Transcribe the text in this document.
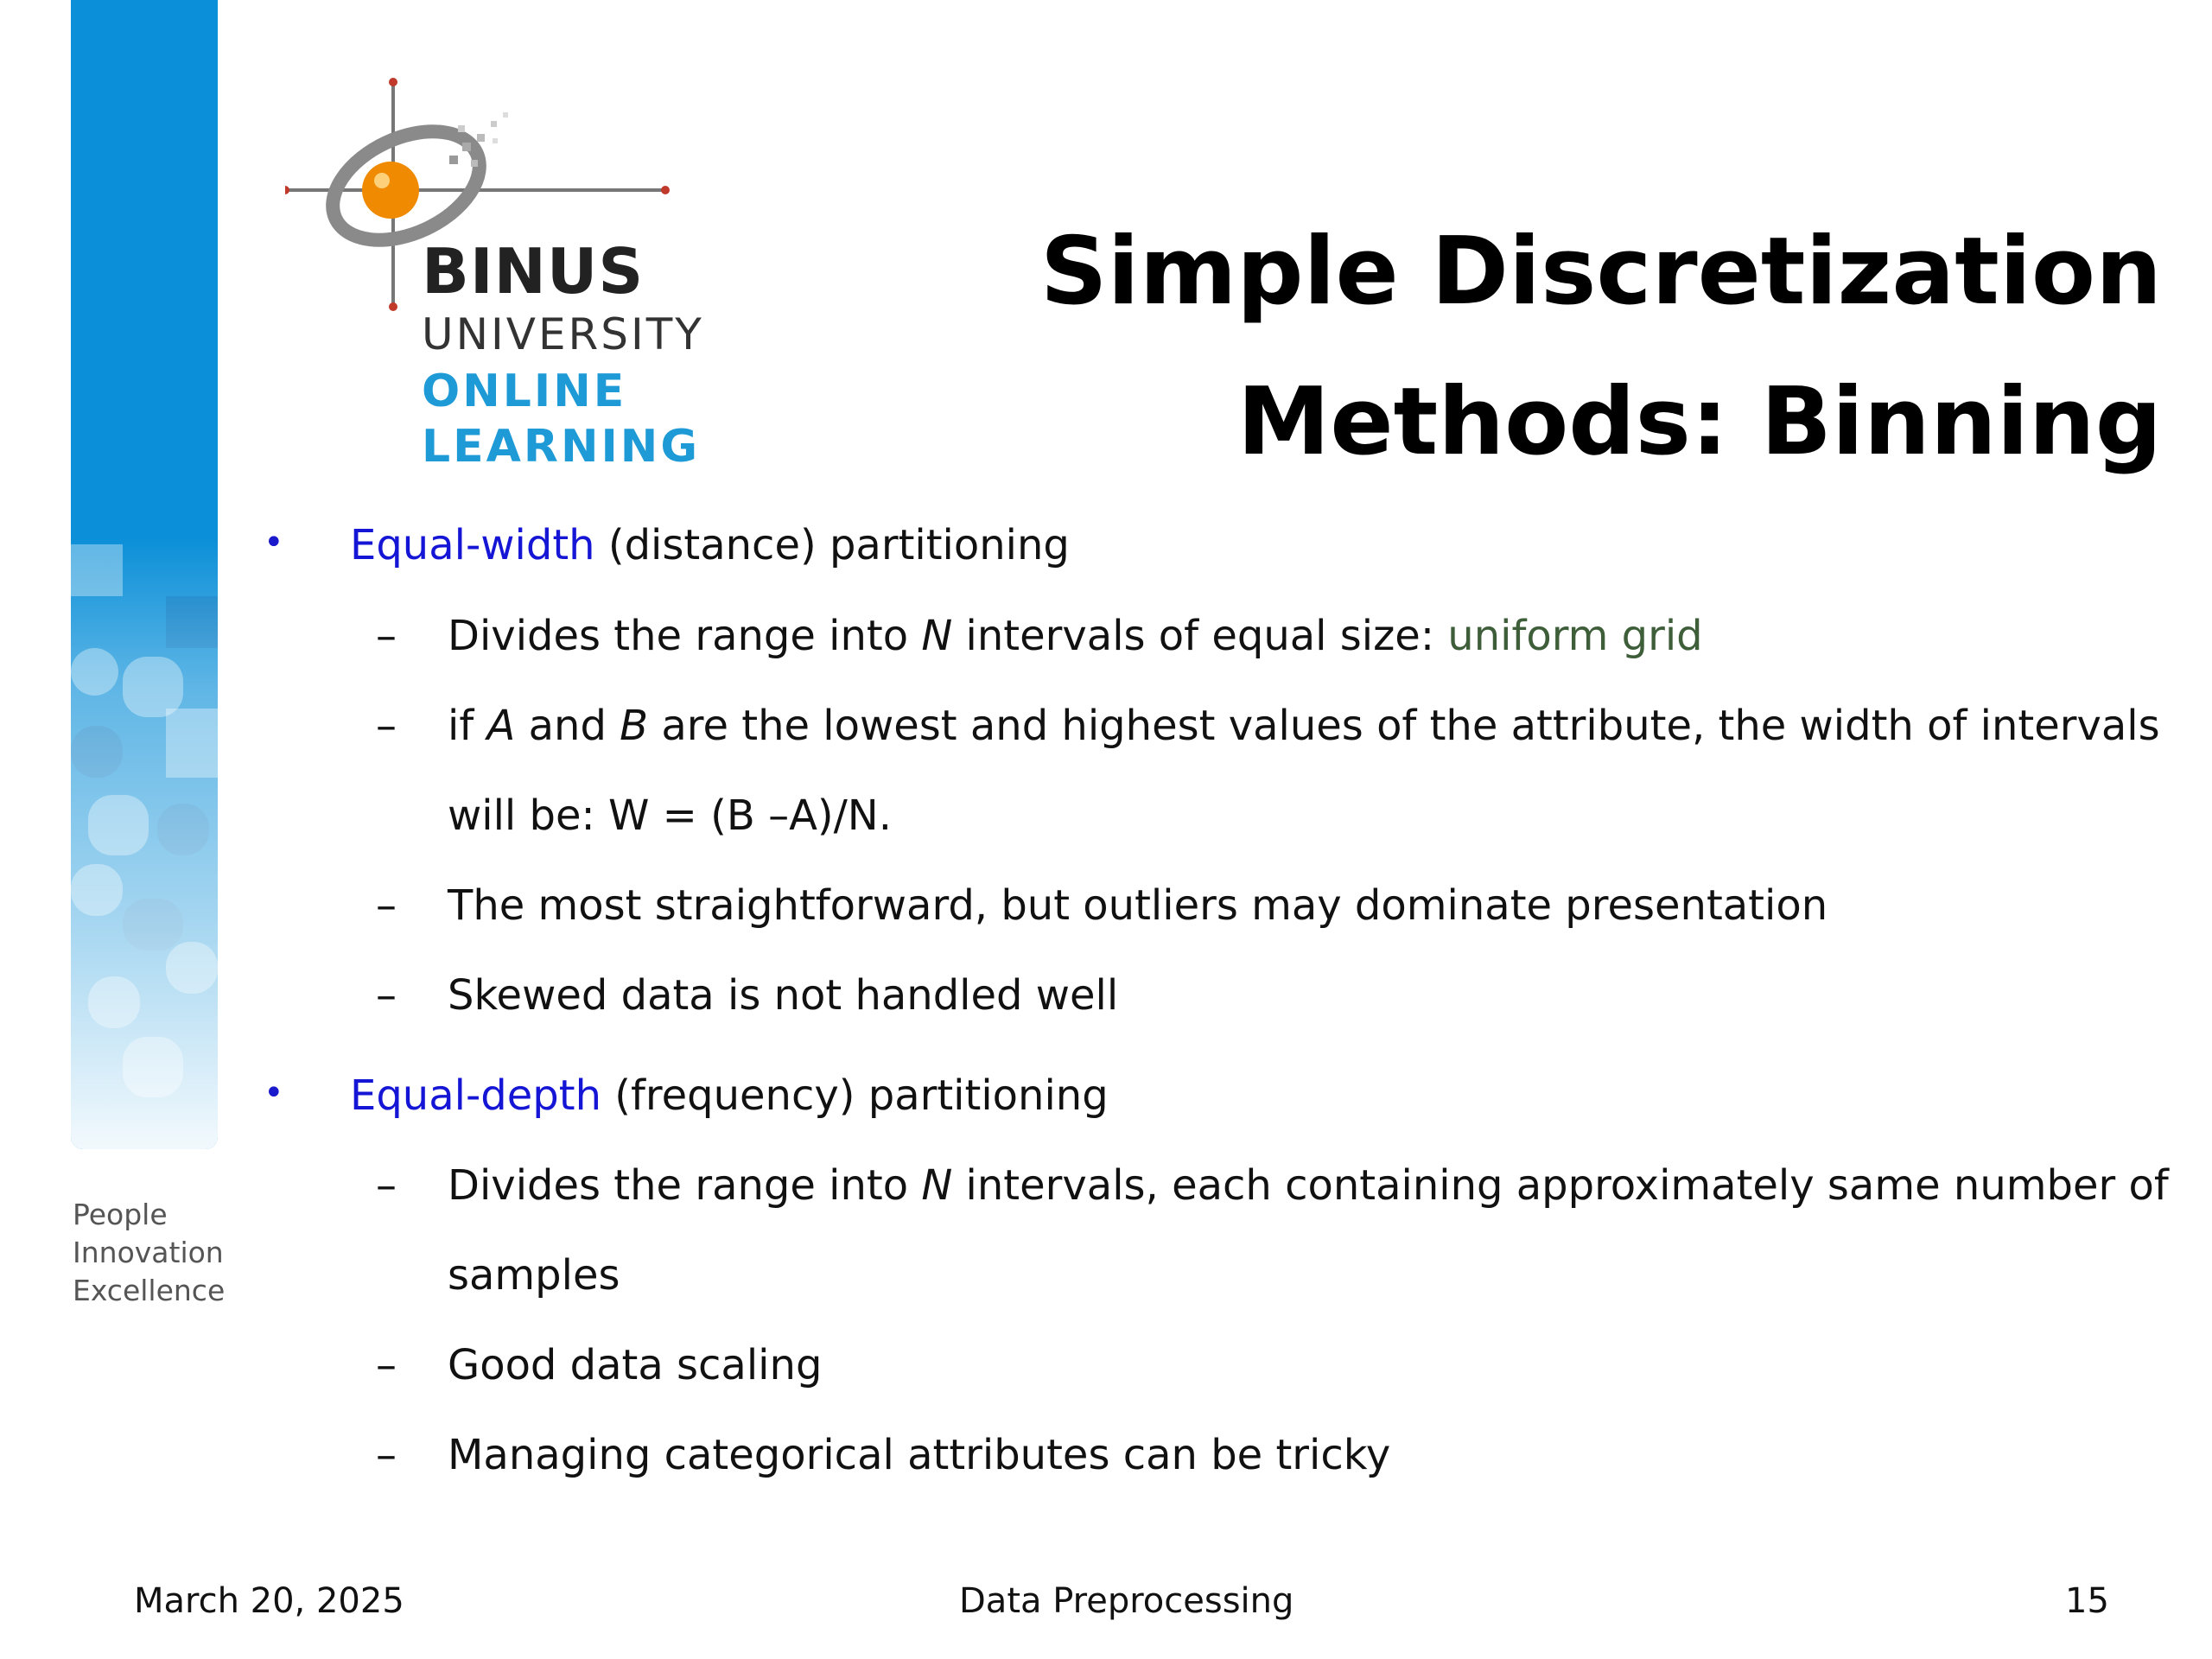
People
Innovation
Excellence
BINUS
UNIVERSITY
ONLINE
LEARNING
Simple Discretization
Methods: Binning
• Equal-width (distance) partitioning
– Divides the range into N intervals of equal size: uniform grid
– if A and B are the lowest and highest values of the attribute, the width of intervals
will be: W = (B –A)/N.
– The most straightforward, but outliers may dominate presentation
– Skewed data is not handled well
• Equal-depth (frequency) partitioning
– Divides the range into N intervals, each containing approximately same number of
samples
– Good data scaling
– Managing categorical attributes can be tricky
March 20, 2025	Data Preprocessing	15
